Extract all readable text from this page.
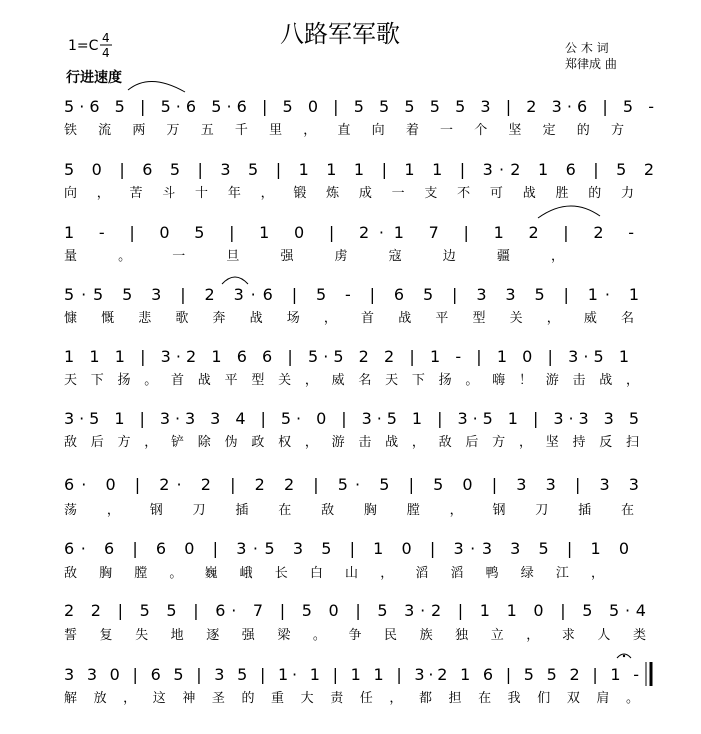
1=C 4
4
八路军军歌	公 木 词
郑律成 曲
行进速度
5·6 5 | 5·6 5·6 | 5 0 | 5 5 5 5 5 3 | 2 3·6 | 5 -
铁流两万五千里，直向着一个坚定的方
5 0 | 6 5 | 3 5 | 1 1 1 | 1 1 | 3·2 1 6 | 5 2
向，苦斗十年，锻炼成一支不可战胜的力
1 - | 0 5 | 1 0 | 2·1 7 | 1 2 | 2 -
量。一旦强虏寇边疆，
5·5 5 3 | 2 3·6 | 5 - | 6 5 | 3 3 5 | 1· 1
慷慨悲歌奔战场，首战平型关，威名
1 1 1 | 3·2 1 6 6 | 5·5 2 2 | 1 - | 1 0 | 3·5 1
天下扬。首战平型关，威名天下扬。嗨！游击战，
3·5 1 | 3·3 3 4 | 5· 0 | 3·5 1 | 3·5 1 | 3·3 3 5
敌后方，铲除伪政权，游击战，敌后方，坚持反扫
6· 0 | 2· 2 | 2 2 | 5· 5 | 5 0 | 3 3 | 3 3
荡，钢刀插在敌胸膛，钢刀插在
6· 6 | 6 0 | 3·5 3 5 | 1 0 | 3·3 3 5 | 1 0
敌胸膛。巍峨长白山，滔滔鸭绿江，
2 2 | 5 5 | 6· 7 | 5 0 | 5 3·2 | 1 1 0 | 5 5·4
誓复失地逐强梁。争民族独立，求人类
3 3 0 | 6 5 | 3 5 | 1· 1 | 1 1 | 3·2 1 6 | 5 5 2 | 1 -
解放，这神圣的重大责任，都担在我们双肩。
